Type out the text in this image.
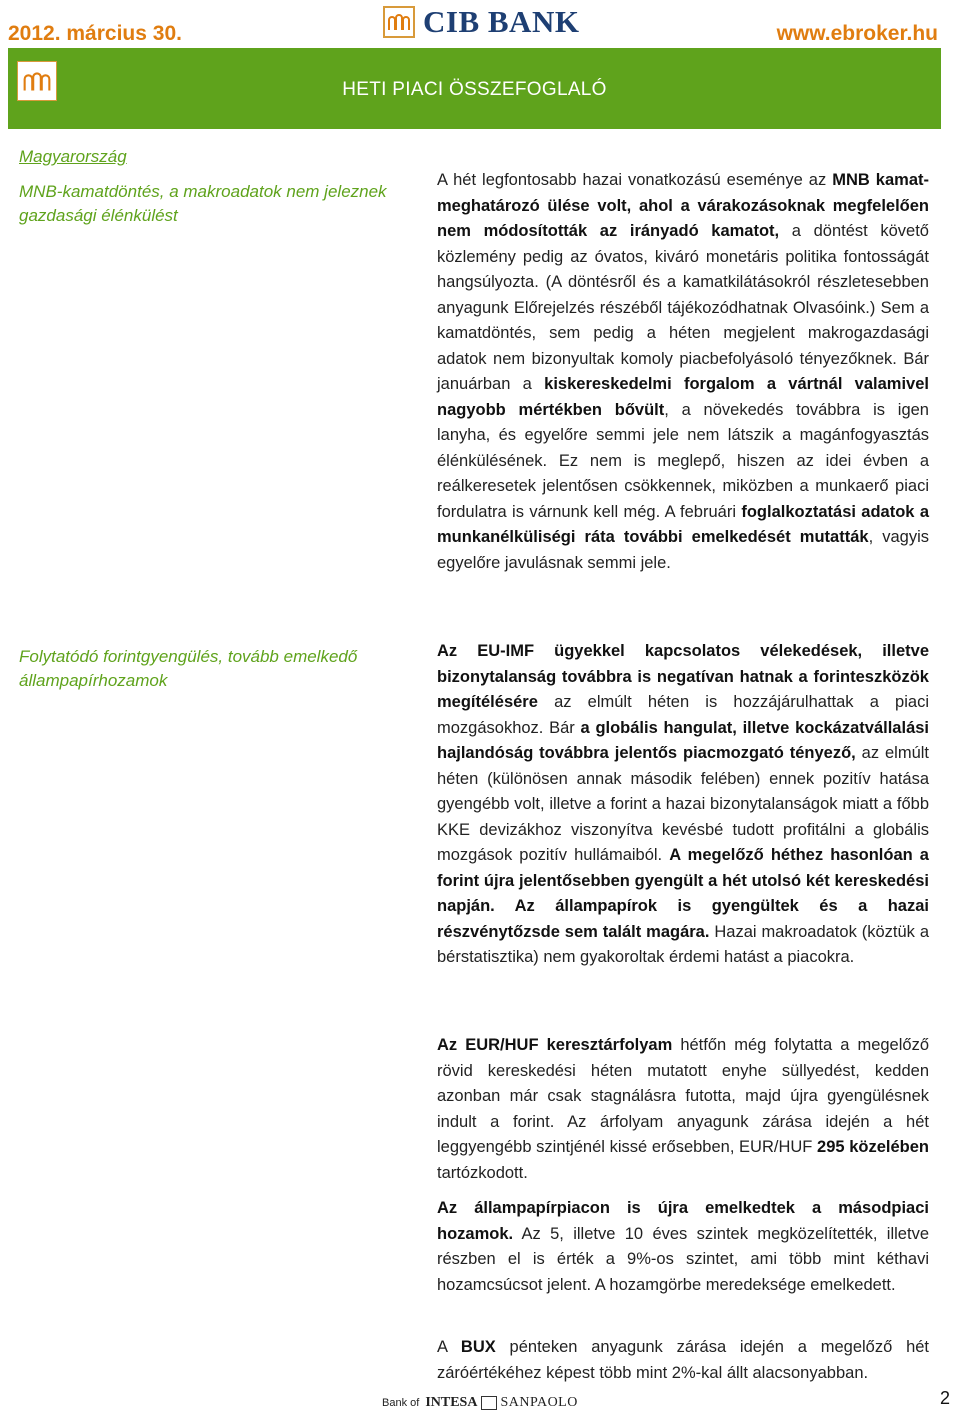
2012. március 30.	CIB BANK	www.ebroker.hu
HETI PIACI ÖSSZEFOGLALÓ
Magyarország
MNB-kamatdöntés, a makroadatok nem jeleznek gazdasági élénkülést
Folytatódó forintgyengülés, tovább emelkedő állampapírhozamok

A hét legfontosabb hazai vonatkozású eseménye az MNB kamat-meghatározó ülése volt, ahol a várakozásoknak megfelelően nem módosították az irányadó kamatot, a döntést követő közlemény pedig az óvatos, kiváró monetáris politika fontosságát hangsúlyozta. (A döntésről és a kamatkilátásokról részletesebben anyagunk Előrejelzés részéből tájékozódhatnak Olvasóink.) Sem a kamatdöntés, sem pedig a héten megjelent makrogazdasági adatok nem bizonyultak komoly piacbefolyásoló tényezőknek. Bár januárban a kiskereskedelmi forgalom a vártnál valamivel nagyobb mértékben bővült, a növekedés továbbra is igen lanyha, és egyelőre semmi jele nem látszik a magánfogyasztás élénkülésének. Ez nem is meglepő, hiszen az idei évben a reálkeresetek jelentősen csökkennek, miközben a munkaerő piaci fordulatra is várnunk kell még. A februári foglalkoztatási adatok a munkanélküliségi ráta további emelkedését mutatták, vagyis egyelőre javulásnak semmi jele.

Az EU-IMF ügyekkel kapcsolatos vélekedések, illetve bizonytalanság továbbra is negatívan hatnak a forinteszközök megítélésére az elmúlt héten is hozzájárulhattak a piaci mozgásokhoz. Bár a globális hangulat, illetve kockázatvállalási hajlandóság továbbra jelentős piacmozgató tényező, az elmúlt héten (különösen annak második felében) ennek pozitív hatása gyengébb volt, illetve a forint a hazai bizonytalanságok miatt a főbb KKE devizákhoz viszonyítva kevésbé tudott profitálni a globális mozgások pozitív hullámaiból. A megelőző héthez hasonlóan a forint újra jelentősebben gyengült a hét utolsó két kereskedési napján. Az állampapírok is gyengültek és a hazai részvénytőzsde sem talált magára. Hazai makroadatok (köztük a bérstatisztika) nem gyakoroltak érdemi hatást a piacokra.

Az EUR/HUF keresztárfolyam hétfőn még folytatta a megelőző rövid kereskedési héten mutatott enyhe süllyedést, kedden azonban már csak stagnálásra futotta, majd újra gyengülésnek indult a forint. Az árfolyam anyagunk zárása idején a hét leggyengébb szintjénél kissé erősebben, EUR/HUF 295 közelében tartózkodott.

Az állampapírpiacon is újra emelkedtek a másodpiaci hozamok. Az 5, illetve 10 éves szintek megközelítették, illetve részben el is érték a 9%-os szintet, ami több mint kéthavi hozamcsúcsot jelent. A hozamgörbe meredeksége emelkedett.

A BUX pénteken anyagunk zárása idején a megelőző hét záróértékéhez képest több mint 2%-kal állt alacsonyabban.

Bank of INTESA SANPAOLO	2
